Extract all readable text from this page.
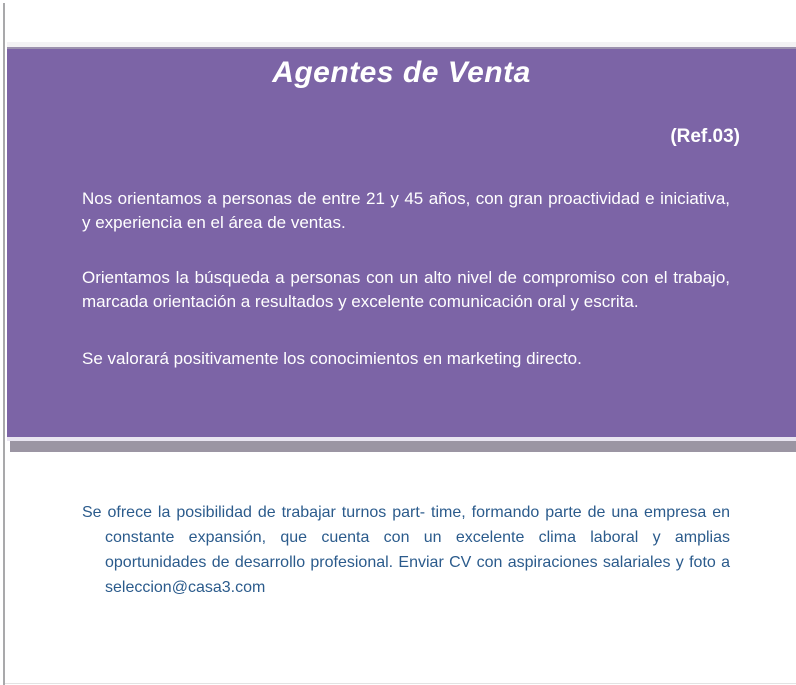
Agentes de Venta
(Ref.03)

Nos orientamos a personas de entre 21 y 45 años, con gran proactividad e iniciativa, y experiencia en el área de ventas.

Orientamos la búsqueda a personas con un alto nivel de compromiso con el trabajo, marcada orientación a resultados y excelente comunicación oral y escrita.

Se valorará positivamente los conocimientos en marketing directo.

Se ofrece la posibilidad de trabajar turnos part- time, formando parte de una empresa en constante expansión, que cuenta con un excelente clima laboral y amplias oportunidades de desarrollo profesional. Enviar CV con aspiraciones salariales y foto a seleccion@casa3.com
